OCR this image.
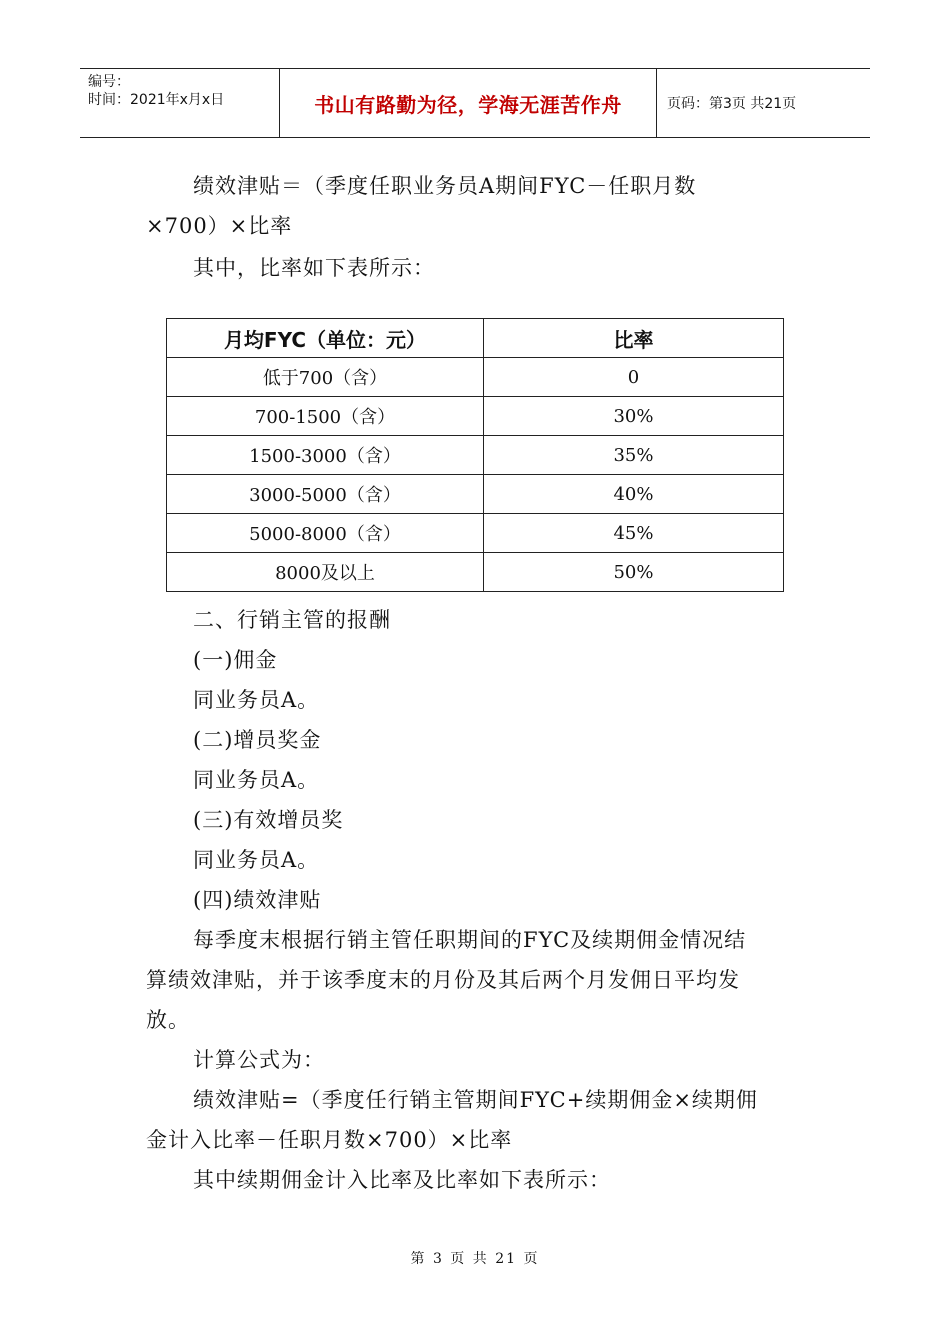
编号：
时间：2021年x月x日	书山有路勤为径，学海无涯苦作舟	页码：第3页 共21页
绩效津贴＝（季度任职业务员A期间FYC－任职月数
×700）×比率
其中，比率如下表所示：
月均FYC（单位：元）	比率
低于700（含）	0
700-1500（含）	30%
1500-3000（含）	35%
3000-5000（含）	40%
5000-8000（含）	45%
8000及以上	50%
二、行销主管的报酬
(一)佣金
同业务员A。
(二)增员奖金
同业务员A。
(三)有效增员奖
同业务员A。
(四)绩效津贴
每季度末根据行销主管任职期间的FYC及续期佣金情况结
算绩效津贴，并于该季度末的月份及其后两个月发佣日平均发
放。
计算公式为：
绩效津贴=（季度任行销主管期间FYC+续期佣金×续期佣
金计入比率－任职月数×700）×比率
其中续期佣金计入比率及比率如下表所示：
第 3 页 共 21 页
